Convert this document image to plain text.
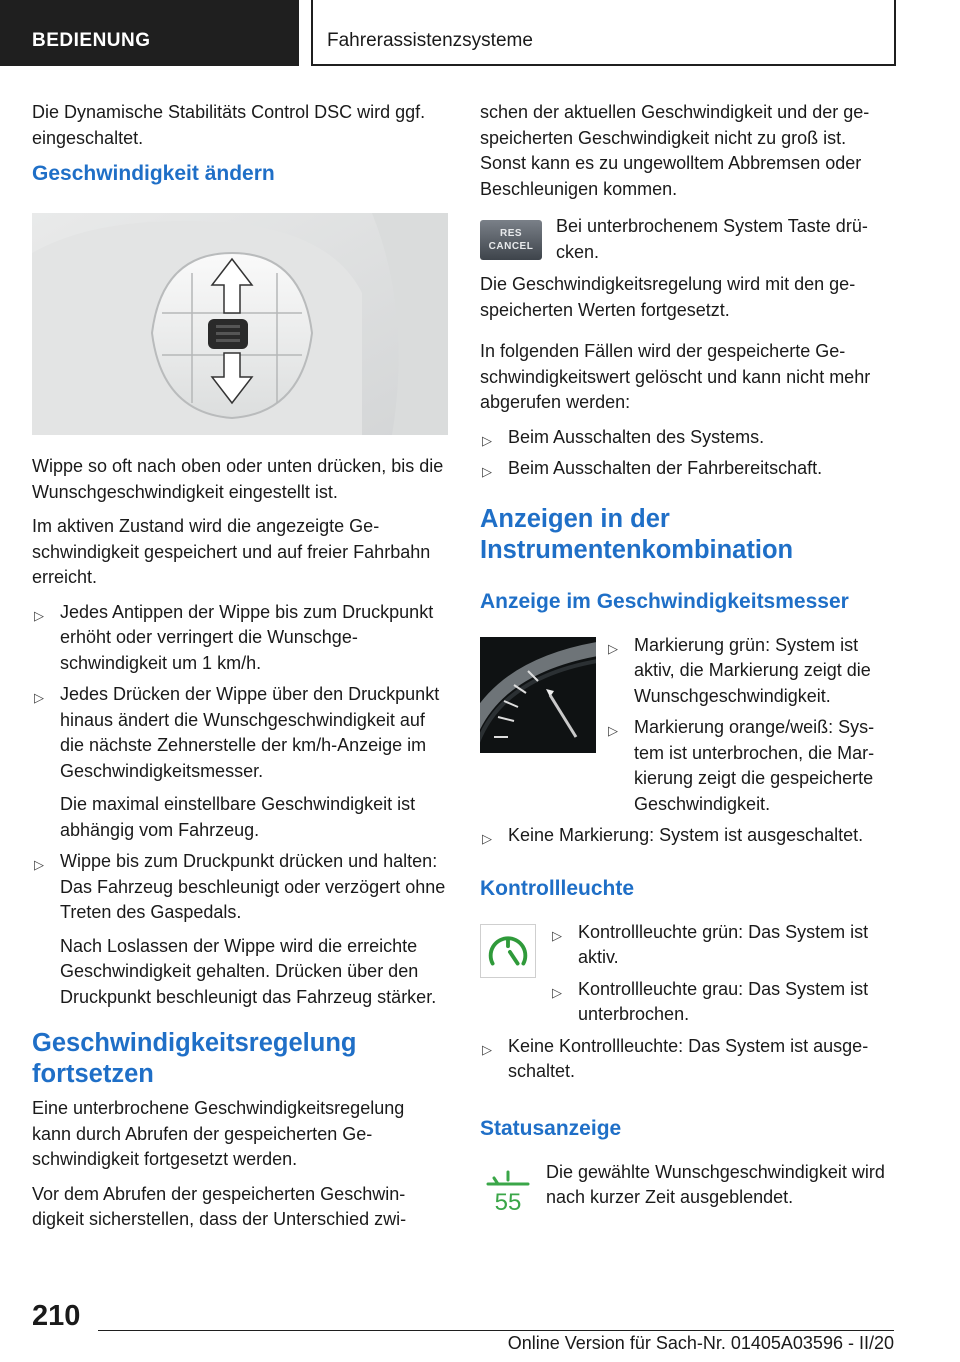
BEDIENUNG	Fahrerassistenzsysteme

Die Dynamische Stabilitäts Control DSC wird ggf. eingeschaltet.

Geschwindigkeit ändern

Wippe so oft nach oben oder unten drücken, bis die Wunschgeschwindigkeit eingestellt ist.

Im aktiven Zustand wird die angezeigte Geschwindigkeit gespeichert und auf freier Fahrbahn erreicht.

▷ Jedes Antippen der Wippe bis zum Druckpunkt erhöht oder verringert die Wunschgeschwindigkeit um 1 km/h.
▷ Jedes Drücken der Wippe über den Druckpunkt hinaus ändert die Wunschgeschwindigkeit auf die nächste Zehnerstelle der km/h-Anzeige im Geschwindigkeitsmesser.
Die maximal einstellbare Geschwindigkeit ist abhängig vom Fahrzeug.
▷ Wippe bis zum Druckpunkt drücken und halten: Das Fahrzeug beschleunigt oder verzögert ohne Treten des Gaspedals.
Nach Loslassen der Wippe wird die erreichte Geschwindigkeit gehalten. Drücken über den Druckpunkt beschleunigt das Fahrzeug stärker.
Geschwindigkeitsregelung fortsetzen

Eine unterbrochene Geschwindigkeitsregelung kann durch Abrufen der gespeicherten Geschwindigkeit fortgesetzt werden.

Vor dem Abrufen der gespeicherten Geschwindigkeit sicherstellen, dass der Unterschied zwi-

schen der aktuellen Geschwindigkeit und der gespeicherten Geschwindigkeit nicht zu groß ist. Sonst kann es zu ungewolltem Abbremsen oder Beschleunigen kommen.

RES
CANCEL

Bei unterbrochenem System Taste drücken.

Die Geschwindigkeitsregelung wird mit den gespeicherten Werten fortgesetzt.

In folgenden Fällen wird der gespeicherte Geschwindigkeitswert gelöscht und kann nicht mehr abgerufen werden:

▷ Beim Ausschalten des Systems.
▷ Beim Ausschalten der Fahrbereitschaft.
Anzeigen in der Instrumentenkombination
Anzeige im Geschwindigkeitsmesser
▷ Markierung grün: System ist aktiv, die Markierung zeigt die Wunschgeschwindigkeit.
▷ Markierung orange/weiß: System ist unterbrochen, die Markierung zeigt die gespeicherte Geschwindigkeit.
▷ Keine Markierung: System ist ausgeschaltet.
Kontrollleuchte
▷ Kontrollleuchte grün: Das System ist aktiv.
▷ Kontrollleuchte grau: Das System ist unterbrochen.
▷ Keine Kontrollleuchte: Das System ist ausgeschaltet.
Statusanzeige
55

Die gewählte Wunschgeschwindigkeit wird nach kurzer Zeit ausgeblendet.

210
Online Version für Sach-Nr. 01405A03596 - II/20
